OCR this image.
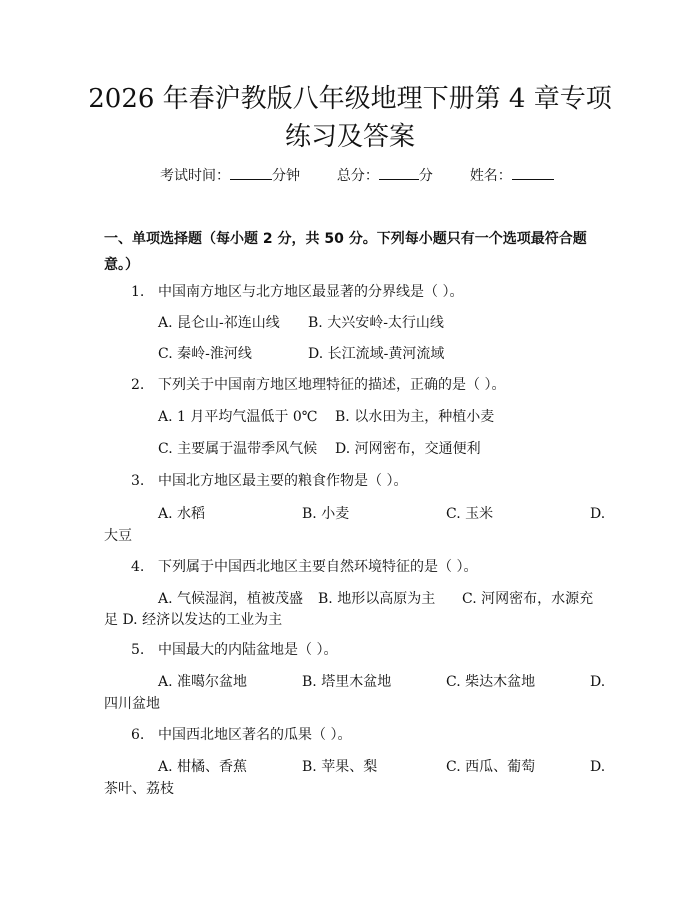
2026 年春沪教版八年级地理下册第 4 章专项
练习及答案
考试时间：	分钟	总分：	分	姓名：
一、单项选择题（每小题 2 分，共 50 分。下列每小题只有一个选项最符合题
意。）
1. 中国南方地区与北方地区最显著的分界线是（ ）。
A. 昆仑山-祁连山线 B. 大兴安岭-太行山线
C. 秦岭-淮河线	D. 长江流域-黄河流域
2. 下列关于中国南方地区地理特征的描述，正确的是（ ）。
A. 1 月平均气温低于 0℃ B. 以水田为主，种植小麦
C. 主要属于温带季风气候 D. 河网密布，交通便利
3. 中国北方地区最主要的粮食作物是（ ）。
A. 水稻	B. 小麦	C. 玉米	D.
大豆
4. 下列属于中国西北地区主要自然环境特征的是（ ）。
A. 气候湿润，植被茂盛 B. 地形以高原为主 C. 河网密布，水源充
足 D. 经济以发达的工业为主
5. 中国最大的内陆盆地是（ ）。
A. 准噶尔盆地	B. 塔里木盆地	C. 柴达木盆地	D.
四川盆地
6. 中国西北地区著名的瓜果（ ）。
A. 柑橘、香蕉	B. 苹果、梨	C. 西瓜、葡萄	D.
茶叶、荔枝
